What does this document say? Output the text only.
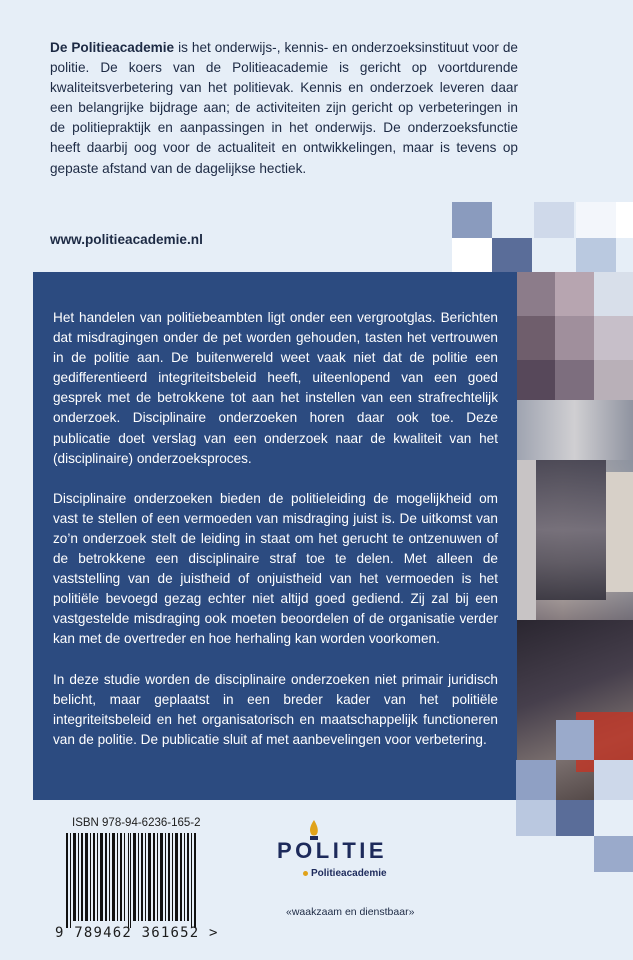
De Politieacademie is het onderwijs-, kennis- en onderzoeksinstituut voor de politie. De koers van de Politieacademie is gericht op voortdurende kwaliteitsverbetering van het politievak. Kennis en onderzoek leveren daar een belangrijke bijdrage aan; de activiteiten zijn gericht op verbeteringen in de politiepraktijk en aanpassingen in het onderwijs. De onderzoeksfunctie heeft daarbij oog voor de actualiteit en ontwikkelingen, maar is tevens op gepaste afstand van de dagelijkse hectiek.
www.politieacademie.nl

Het handelen van politiebeambten ligt onder een vergrootglas. Berichten dat misdragingen onder de pet worden gehouden, tasten het vertrouwen in de politie aan. De buitenwereld weet vaak niet dat de politie een gedifferentieerd integriteitsbeleid heeft, uiteenlopend van een goed gesprek met de betrokkene tot aan het instellen van een strafrechtelijk onderzoek. Disciplinaire onderzoeken horen daar ook toe. Deze publicatie doet verslag van een onderzoek naar de kwaliteit van het (disciplinaire) onderzoeksproces.

Disciplinaire onderzoeken bieden de politieleiding de mogelijkheid om vast te stellen of een vermoeden van misdraging juist is. De uitkomst van zo’n onderzoek stelt de leiding in staat om het gerucht te ontzenuwen of de betrokkene een disciplinaire straf toe te delen. Met alleen de vaststelling van de juistheid of onjuistheid van het vermoeden is het politiële bevoegd gezag echter niet altijd goed gediend. Zij zal bij een vastgestelde misdraging ook moeten beoordelen of de organisatie verder kan met de overtreder en hoe herhaling kan worden voorkomen.

In deze studie worden de disciplinaire onderzoeken niet primair juridisch belicht, maar geplaatst in een breder kader van het politiële integriteitsbeleid en het organisatorisch en maatschappelijk functioneren van de politie. De publicatie sluit af met aanbevelingen voor verbetering.

ISBN 978-94-6236-165-2
9 789462 361652 >
POLITIE
Politieacademie
«waakzaam en dienstbaar»
